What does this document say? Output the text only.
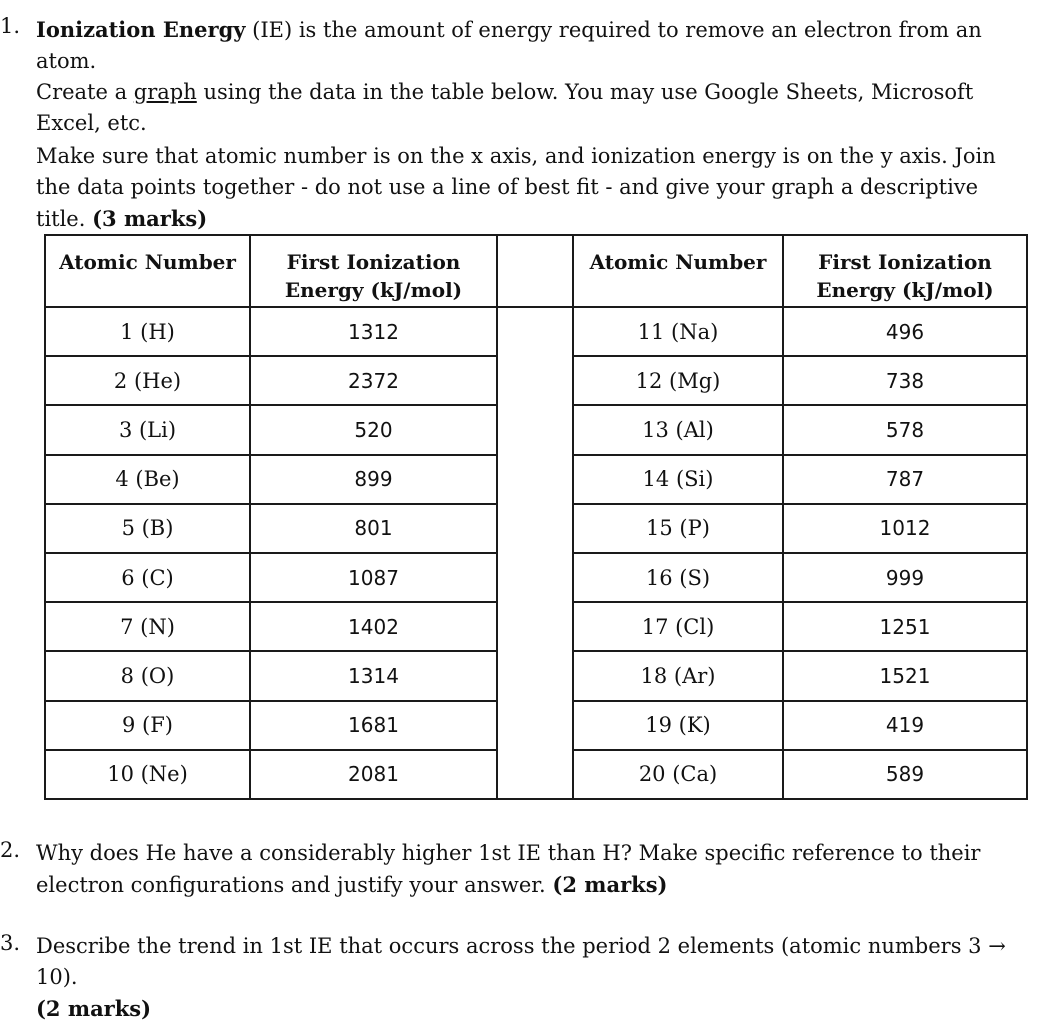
1. Ionization Energy (IE) is the amount of energy required to remove an electron from an atom.
Create a graph using the data in the table below. You may use Google Sheets, Microsoft Excel, etc.
Make sure that atomic number is on the x axis, and ionization energy is on the y axis. Join the data points together - do not use a line of best fit - and give your graph a descriptive title. (3 marks)
Atomic Number	First Ionization Energy (kJ/mol)		Atomic Number	First Ionization Energy (kJ/mol)

1 (H)	1312		11 (Na)	496
2 (He)	2372		12 (Mg)	738
3 (Li)	520		13 (Al)	578
4 (Be)	899		14 (Si)	787
5 (B)	801		15 (P)	1012
6 (C)	1087		16 (S)	999
7 (N)	1402		17 (Cl)	1251
8 (O)	1314		18 (Ar)	1521
9 (F)	1681		19 (K)	419
10 (Ne)	2081		20 (Ca)	589
2. Why does He have a considerably higher 1st IE than H? Make specific reference to their electron configurations and justify your answer. (2 marks)
3. Describe the trend in 1st IE that occurs across the period 2 elements (atomic numbers 3 → 10).
(2 marks)
